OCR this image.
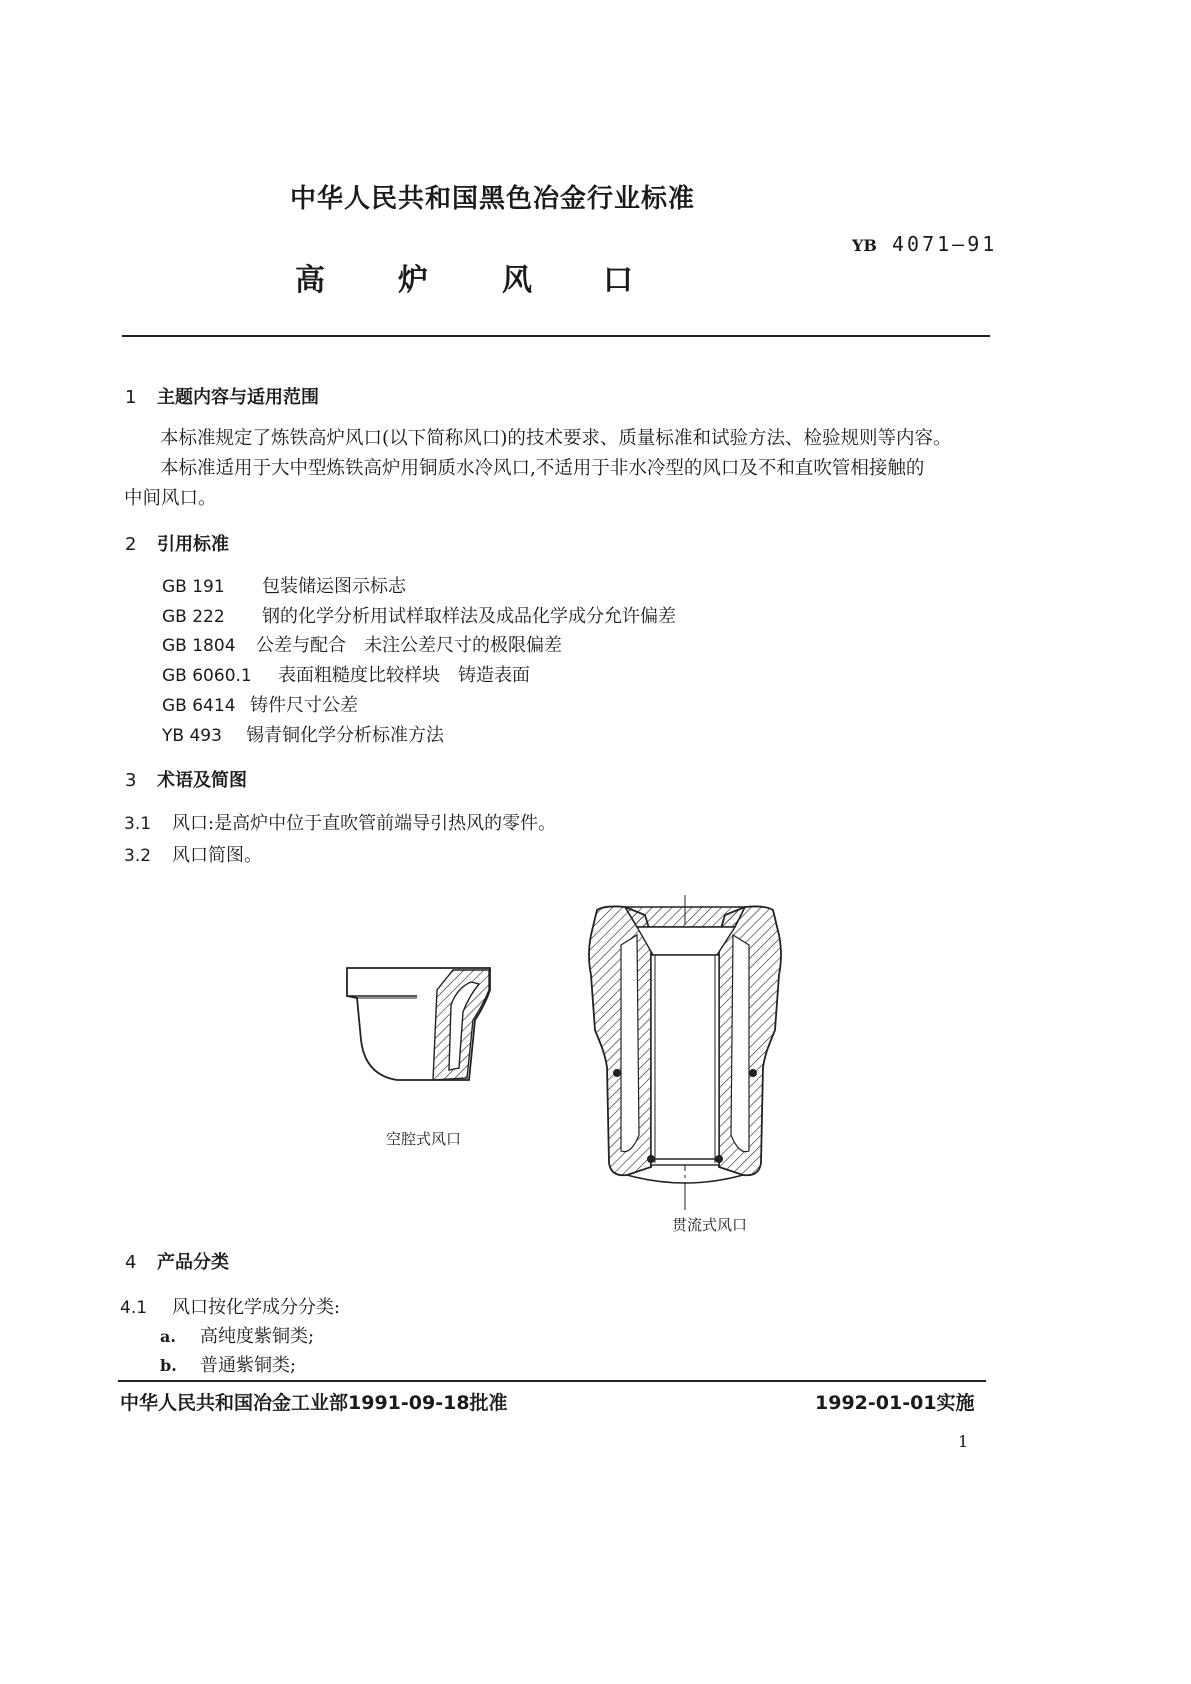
中华人民共和国黑色冶金行业标准
YB 4071—91
高 炉 风 口
1 主题内容与适用范围
本标准规定了炼铁高炉风口(以下简称风口)的技术要求、质量标准和试验方法、检验规则等内容。
本标准适用于大中型炼铁高炉用铜质水冷风口,不适用于非水冷型的风口及不和直吹管相接触的
中间风口。
2 引用标准
GB 191 包装储运图示标志
GB 222 钢的化学分析用试样取样法及成品化学成分允许偏差
GB 1804 公差与配合　未注公差尺寸的极限偏差
GB 6060.1 表面粗糙度比较样块　铸造表面
GB 6414 铸件尺寸公差
YB 493 锡青铜化学分析标准方法
3 术语及简图
3.1 风口:是高炉中位于直吹管前端导引热风的零件。
3.2 风口简图。
空腔式风口
贯流式风口
4 产品分类
4.1 风口按化学成分分类:
a. 高纯度紫铜类;
b. 普通紫铜类;
中华人民共和国冶金工业部1991-09-18批准	1992-01-01实施
1
